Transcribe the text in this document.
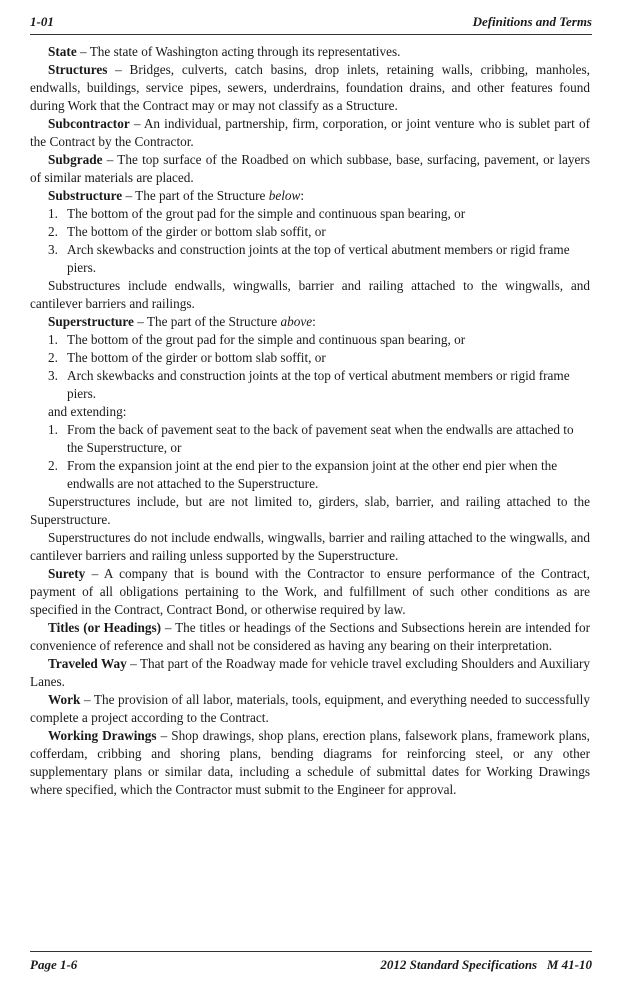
1-01	Definitions and Terms

State – The state of Washington acting through its representatives.

Structures – Bridges, culverts, catch basins, drop inlets, retaining walls, cribbing, manholes, endwalls, buildings, service pipes, sewers, underdrains, foundation drains, and other features found during Work that the Contract may or may not classify as a Structure.

Subcontractor – An individual, partnership, firm, corporation, or joint venture who is sublet part of the Contract by the Contractor.

Subgrade – The top surface of the Roadbed on which subbase, base, surfacing, pavement, or layers of similar materials are placed.

Substructure – The part of the Structure below:

1. The bottom of the grout pad for the simple and continuous span bearing, or
2. The bottom of the girder or bottom slab soffit, or
3. Arch skewbacks and construction joints at the top of vertical abutment members or rigid frame piers.

Substructures include endwalls, wingwalls, barrier and railing attached to the wingwalls, and cantilever barriers and railings.

Superstructure – The part of the Structure above:

1. The bottom of the grout pad for the simple and continuous span bearing, or
2. The bottom of the girder or bottom slab soffit, or
3. Arch skewbacks and construction joints at the top of vertical abutment members or rigid frame piers.

and extending:

1. From the back of pavement seat to the back of pavement seat when the endwalls are attached to the Superstructure, or
2. From the expansion joint at the end pier to the expansion joint at the other end pier when the endwalls are not attached to the Superstructure.

Superstructures include, but are not limited to, girders, slab, barrier, and railing attached to the Superstructure.

Superstructures do not include endwalls, wingwalls, barrier and railing attached to the wingwalls, and cantilever barriers and railing unless supported by the Superstructure.

Surety – A company that is bound with the Contractor to ensure performance of the Contract, payment of all obligations pertaining to the Work, and fulfillment of such other conditions as are specified in the Contract, Contract Bond, or otherwise required by law.

Titles (or Headings) – The titles or headings of the Sections and Subsections herein are intended for convenience of reference and shall not be considered as having any bearing on their interpretation.

Traveled Way – That part of the Roadway made for vehicle travel excluding Shoulders and Auxiliary Lanes.

Work – The provision of all labor, materials, tools, equipment, and everything needed to successfully complete a project according to the Contract.

Working Drawings – Shop drawings, shop plans, erection plans, falsework plans, framework plans, cofferdam, cribbing and shoring plans, bending diagrams for reinforcing steel, or any other supplementary plans or similar data, including a schedule of submittal dates for Working Drawings where specified, which the Contractor must submit to the Engineer for approval.

Page 1-6	2012 Standard Specifications   M 41-10
